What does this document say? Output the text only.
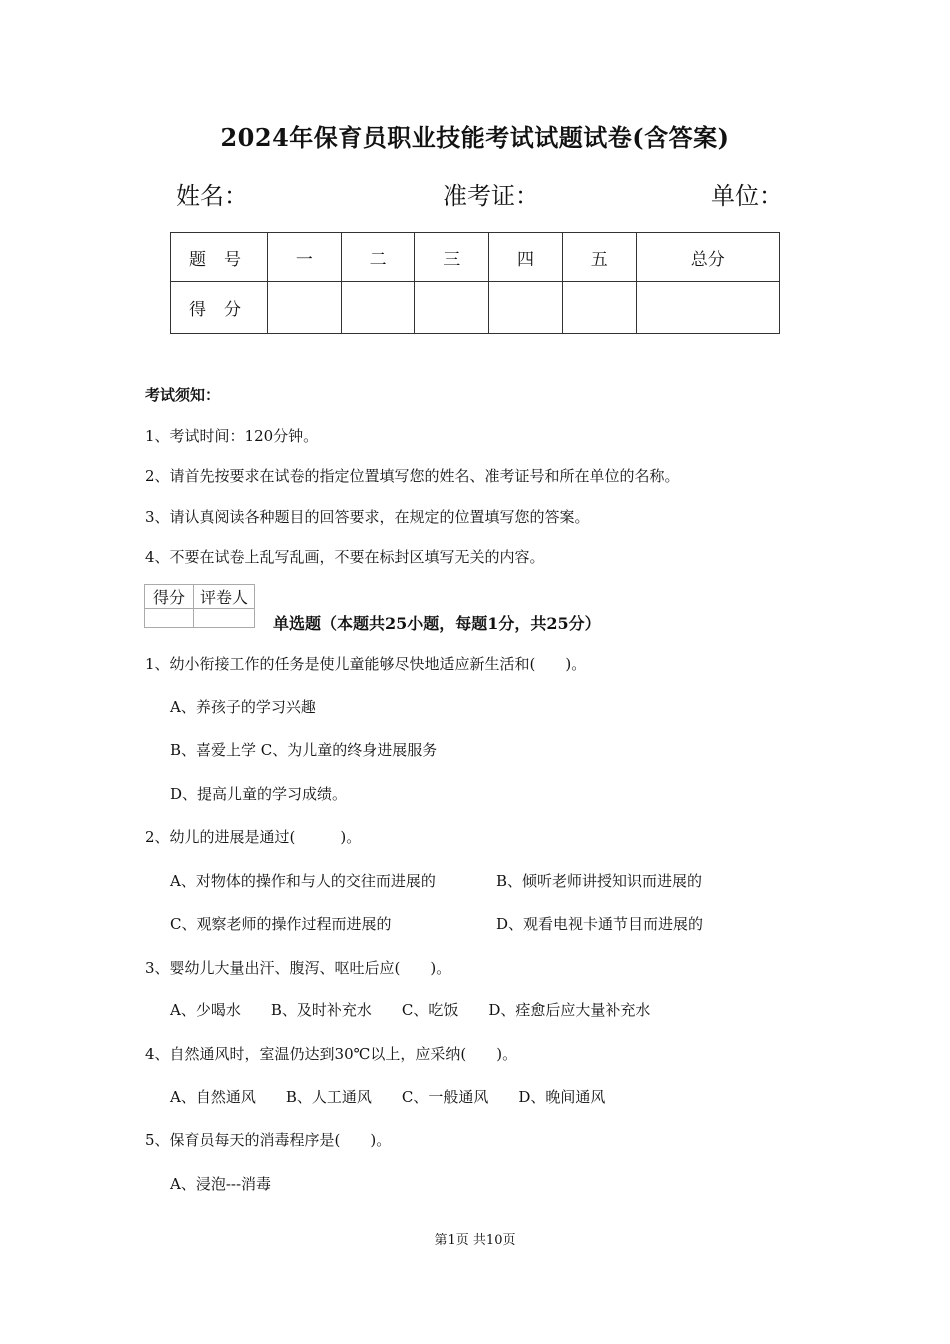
2024年保育员职业技能考试试题试卷(含答案)
姓名：	准考证：	单位：
题号	一	二	三	四	五	总分
得分						
考试须知：
1、考试时间：120分钟。
2、请首先按要求在试卷的指定位置填写您的姓名、准考证号和所在单位的名称。
3、请认真阅读各种题目的回答要求，在规定的位置填写您的答案。
4、不要在试卷上乱写乱画，不要在标封区填写无关的内容。
得分	评卷人

单选题（本题共25小题，每题1分，共25分）
1、幼小衔接工作的任务是使儿童能够尽快地适应新生活和(　　)。
A、养孩子的学习兴趣
B、喜爱上学 C、为儿童的终身进展服务
D、提高儿童的学习成绩。
2、幼儿的进展是通过(　　　)。
A、对物体的操作和与人的交往而进展的	B、倾听老师讲授知识而进展的
C、观察老师的操作过程而进展的	D、观看电视卡通节目而进展的
3、婴幼儿大量出汗、腹泻、呕吐后应(　　)。
A、少喝水　　B、及时补充水　　C、吃饭　　D、痊愈后应大量补充水
4、自然通风时，室温仍达到30℃以上，应采纳(　　)。
A、自然通风　　B、人工通风　　C、一般通风　　D、晚间通风
5、保育员每天的消毒程序是(　　)。
A、浸泡---消毒
第1页 共10页
